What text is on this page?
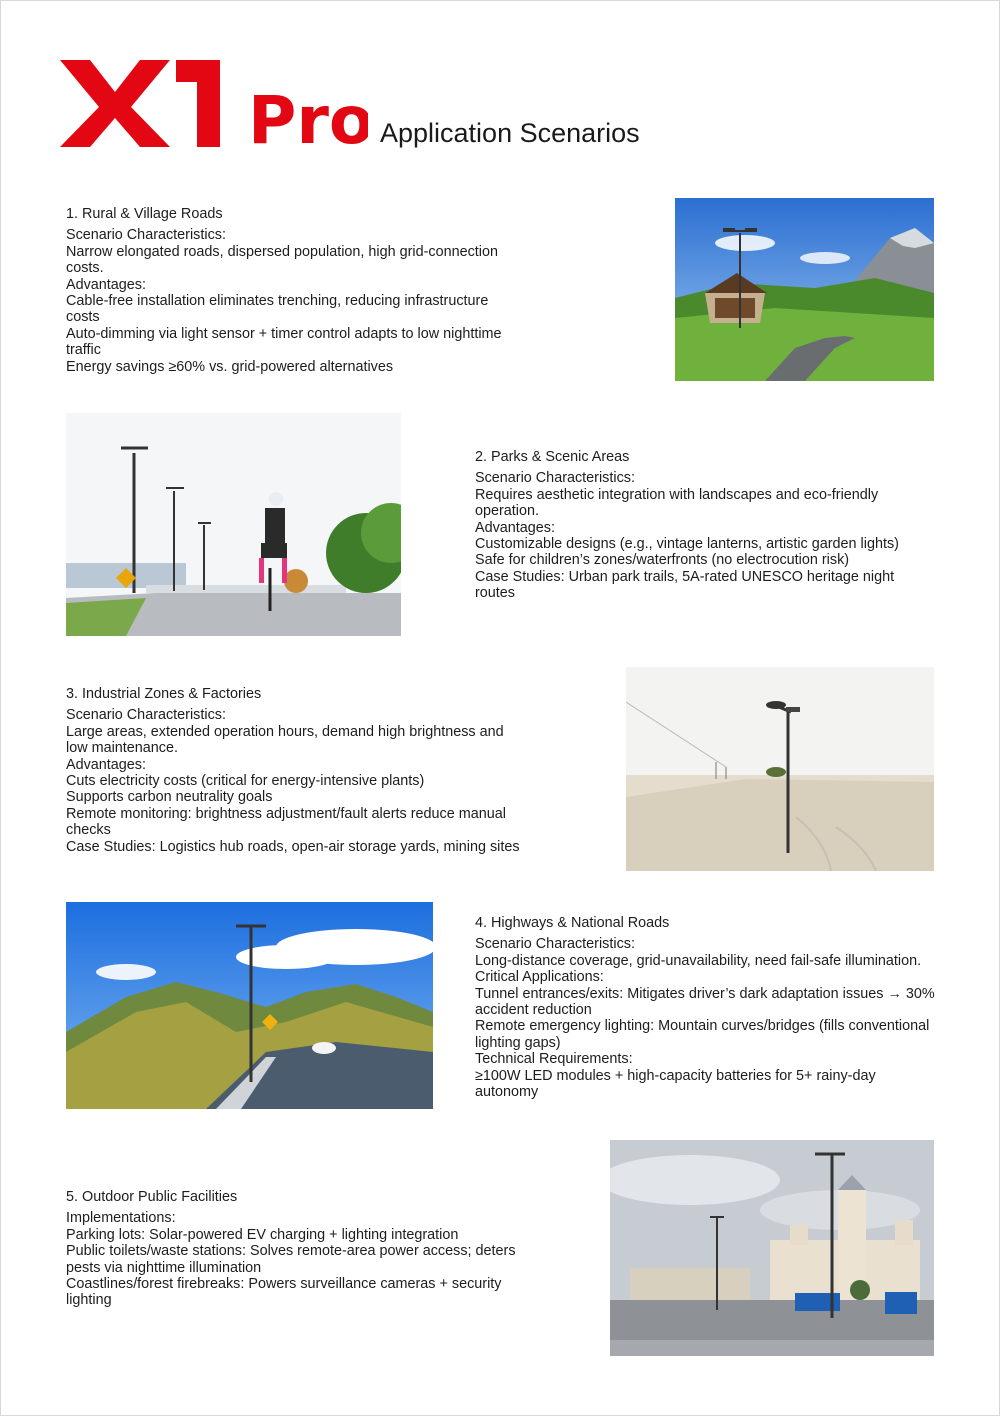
Pro Application Scenarios
1. Rural & Village Roads
Scenario Characteristics:
Narrow elongated roads, dispersed population, high grid-connection costs.
Advantages:
Cable-free installation eliminates trenching, reducing infrastructure costs
Auto-dimming via light sensor + timer control adapts to low nighttime traffic
Energy savings ≥60% vs. grid-powered alternatives
2. Parks & Scenic Areas
Scenario Characteristics:
Requires aesthetic integration with landscapes and eco-friendly operation.
Advantages:
Customizable designs (e.g., vintage lanterns, artistic garden lights)
Safe for children’s zones/waterfronts (no electrocution risk)
Case Studies: Urban park trails, 5A-rated UNESCO heritage night routes
3. Industrial Zones & Factories
Scenario Characteristics:
Large areas, extended operation hours, demand high brightness and low maintenance.
Advantages:
Cuts electricity costs (critical for energy-intensive plants)
Supports carbon neutrality goals
Remote monitoring: brightness adjustment/fault alerts reduce manual checks
Case Studies: Logistics hub roads, open-air storage yards, mining sites
4. Highways & National Roads
Scenario Characteristics:
Long-distance coverage, grid-unavailability, need fail-safe illumination.
Critical Applications:
Tunnel entrances/exits: Mitigates driver’s dark adaptation issues → 30% accident reduction
Remote emergency lighting: Mountain curves/bridges (fills conventional lighting gaps)
Technical Requirements:
≥100W LED modules + high-capacity batteries for 5+ rainy-day autonomy
5. Outdoor Public Facilities
Implementations:
Parking lots: Solar-powered EV charging + lighting integration
Public toilets/waste stations: Solves remote-area power access; deters pests via nighttime illumination
Coastlines/forest firebreaks: Powers surveillance cameras + security lighting
